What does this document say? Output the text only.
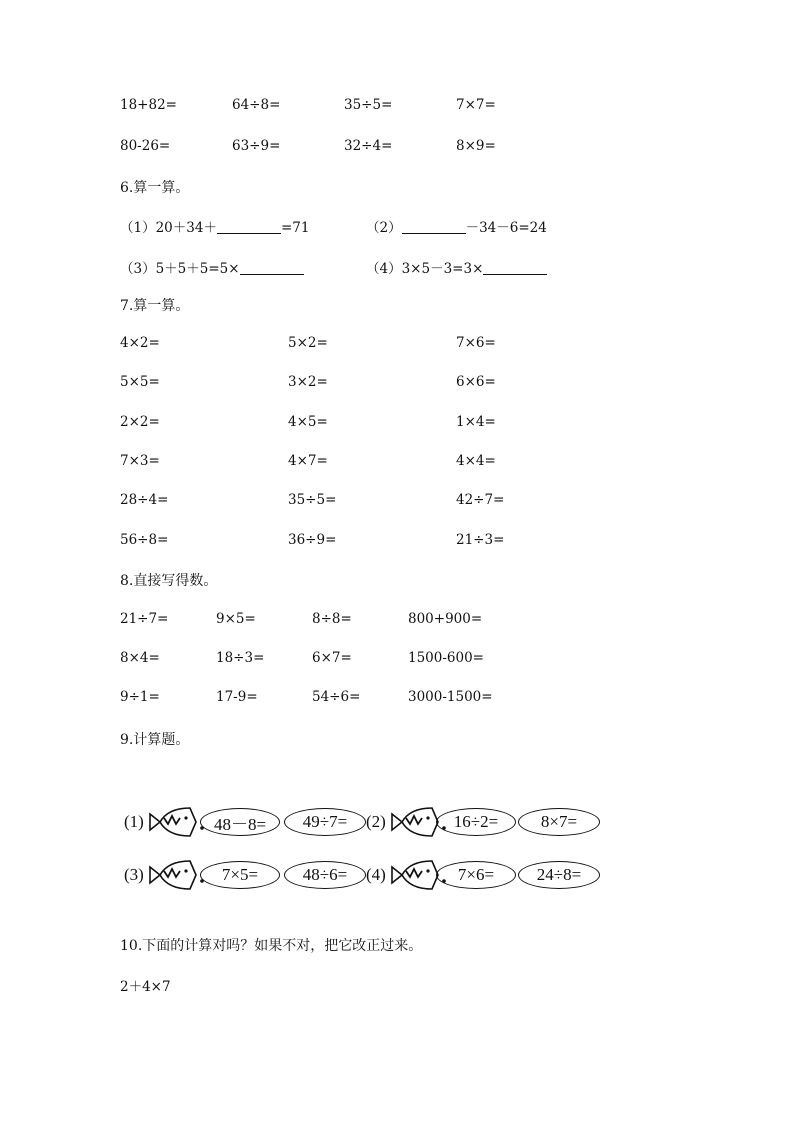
18+82=	64÷8=	35÷5=	7×7=
80-26=	63÷9=	32÷4=	8×9=
6.算一算。
（1）20＋34＋	=71	（2）	－34－6=24
（3）5＋5＋5=5×	（4）3×5－3=3×
7.算一算。
4×2=	5×2=	7×6=
5×5=	3×2=	6×6=
2×2=	4×5=	1×4=
7×3=	4×7=	4×4=
28÷4=	35÷5=	42÷7=
56÷8=	36÷9=	21÷3=
8.直接写得数。
21÷7=	9×5=	8÷8=	800+900=
8×4=	18÷3=	6×7=	1500-600=
9÷1=	17-9=	54÷6=	3000-1500=
9.计算题。
(1)	48－8=	49÷7=	(2)	16÷2=	8×7=
(3)	7×5=	48÷6=	(4)	7×6=	24÷8=
10.下面的计算对吗？如果不对，把它改正过来。
2＋4×7
